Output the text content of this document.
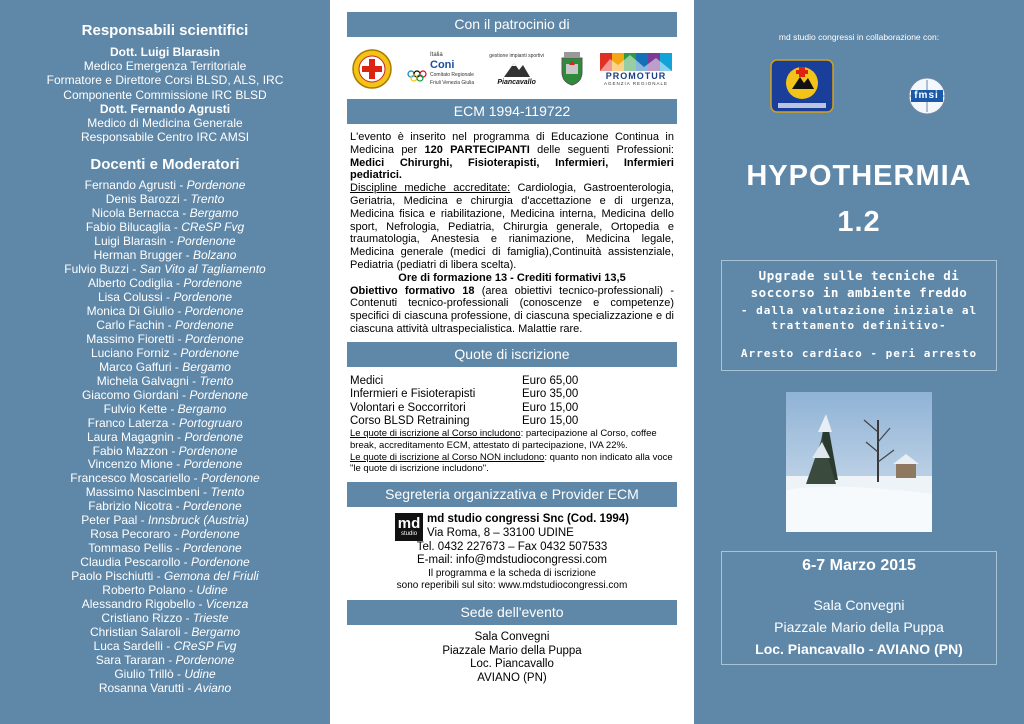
Responsabili scientifici
Dott. Luigi Blarasin
Medico Emergenza Territoriale
Formatore e Direttore Corsi BLSD, ALS, IRC
Componente Commissione IRC BLSD
Dott. Fernando Agrusti
Medico di Medicina Generale
Responsabile Centro IRC AMSI
Docenti e Moderatori
Fernando Agrusti - Pordenone
Denis Barozzi - Trento
Nicola Bernacca - Bergamo
Fabio Bilucaglia - CReSP Fvg
Luigi Blarasin - Pordenone
Herman Brugger - Bolzano
Fulvio Buzzi - San Vito al Tagliamento
Alberto Codiglia - Pordenone
Lisa Colussi - Pordenone
Monica Di Giulio - Pordenone
Carlo Fachin - Pordenone
Massimo Fioretti - Pordenone
Luciano Forniz - Pordenone
Marco Gaffuri - Bergamo
Michela Galvagni - Trento
Giacomo Giordani - Pordenone
Fulvio Kette - Bergamo
Franco Laterza - Portogruaro
Laura Magagnin - Pordenone
Fabio Mazzon - Pordenone
Vincenzo Mione - Pordenone
Francesco Moscariello - Pordenone
Massimo Nascimbeni - Trento
Fabrizio Nicotra - Pordenone
Peter Paal - Innsbruck (Austria)
Rosa Pecoraro - Pordenone
Tommaso Pellis - Pordenone
Claudia Pescarollo - Pordenone
Paolo Pischiutti - Gemona del Friuli
Roberto Polano - Udine
Alessandro Rigobello - Vicenza
Cristiano Rizzo - Trieste
Christian Salaroli - Bergamo
Luca Sardelli - CReSP Fvg
Sara Tararan - Pordenone
Giulio Trillò - Udine
Rosanna Varutti - Aviano
Con il patrocinio di
Italia
Coni
Comitato Regionale
Friuli Venezia Giulia
gestione impianti sportivi
Piancavallo
PROMOTUR
AGENZIA REGIONALE
ECM 1994-119722
L'evento è inserito nel programma di Educazione Continua in Medicina per 120 PARTECIPANTI delle seguenti Professioni: Medici Chirurghi, Fisioterapisti, Infermieri, Infermieri pediatrici.
Discipline mediche accreditate: Cardiologia, Gastroenterologia, Geriatria, Medicina e chirurgia d'accettazione e di urgenza, Medicina fisica e riabilitazione, Medicina interna, Medicina dello sport, Nefrologia, Pediatria, Chirurgia generale, Ortopedia e traumatologia, Anestesia e rianimazione, Medicina legale, Medicina generale (medici di famiglia),Continuità assistenziale, Pediatria (pediatri di libera scelta).

Ore di formazione 13 - Crediti formativi 13,5
Obiettivo formativo 18 (area obiettivi tecnico-professionali) - Contenuti tecnico-professionali (conoscenze e competenze) specifici di ciascuna professione, di ciascuna specializzazione e di ciascuna attività ultraspecialistica. Malattie rare.
Quote di iscrizione
Medici	Euro 65,00
Infermieri e Fisioterapisti	Euro 35,00
Volontari e Soccorritori	Euro 15,00
Corso BLSD Retraining	Euro 15,00
Le quote di iscrizione al Corso includono: partecipazione al Corso, coffee break, accreditamento ECM, attestato di partecipazione, IVA 22%.
Le quote di iscrizione al Corso NON includono: quanto non indicato alla voce "le quote di iscrizione includono".
Segreteria organizzativa e Provider ECM
md
studio
md studio congressi Snc (Cod. 1994)
Via Roma, 8 – 33100 UDINE
Tel. 0432 227673 – Fax 0432 507533
E-mail: info@mdstudiocongressi.com
Il programma e la scheda di iscrizione
sono reperibili sul sito: www.mdstudiocongressi.com
Sede dell'evento
Sala Convegni
Piazzale Mario della Puppa
Loc. Piancavallo
AVIANO (PN)
md studio congressi in collaborazione con:
fmsi
HYPOTHERMIA
1.2
Upgrade sulle tecniche di
soccorso in ambiente freddo
- dalla valutazione iniziale al
trattamento definitivo-
Arresto cardiaco - peri arresto
6-7 Marzo 2015
Sala Convegni
Piazzale Mario della Puppa
Loc. Piancavallo - AVIANO (PN)
